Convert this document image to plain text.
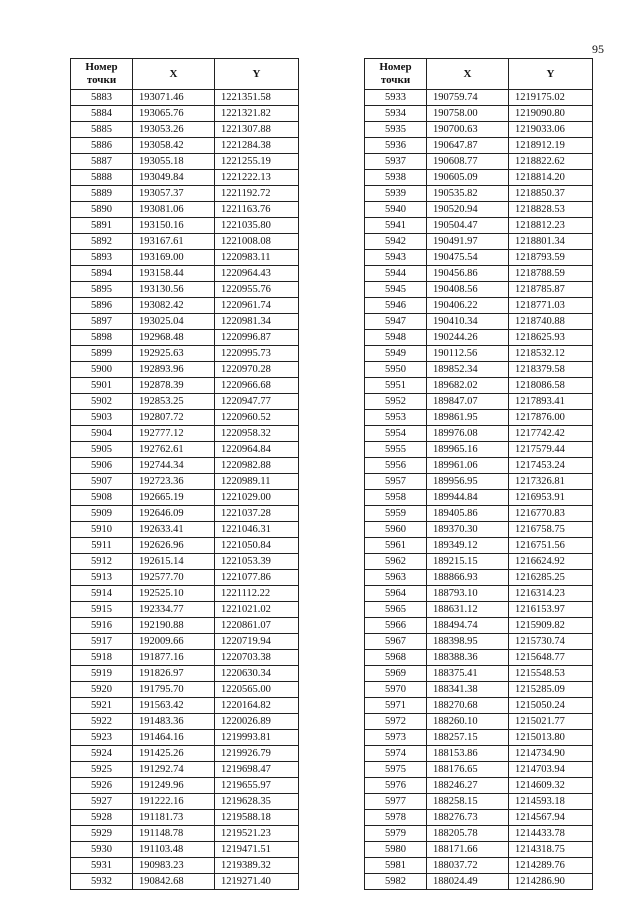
95
Номер
точки	X	Y
5883	193071.46	1221351.58
5884	193065.76	1221321.82
5885	193053.26	1221307.88
5886	193058.42	1221284.38
5887	193055.18	1221255.19
5888	193049.84	1221222.13
5889	193057.37	1221192.72
5890	193081.06	1221163.76
5891	193150.16	1221035.80
5892	193167.61	1221008.08
5893	193169.00	1220983.11
5894	193158.44	1220964.43
5895	193130.56	1220955.76
5896	193082.42	1220961.74
5897	193025.04	1220981.34
5898	192968.48	1220996.87
5899	192925.63	1220995.73
5900	192893.96	1220970.28
5901	192878.39	1220966.68
5902	192853.25	1220947.77
5903	192807.72	1220960.52
5904	192777.12	1220958.32
5905	192762.61	1220964.84
5906	192744.34	1220982.88
5907	192723.36	1220989.11
5908	192665.19	1221029.00
5909	192646.09	1221037.28
5910	192633.41	1221046.31
5911	192626.96	1221050.84
5912	192615.14	1221053.39
5913	192577.70	1221077.86
5914	192525.10	1221112.22
5915	192334.77	1221021.02
5916	192190.88	1220861.07
5917	192009.66	1220719.94
5918	191877.16	1220703.38
5919	191826.97	1220630.34
5920	191795.70	1220565.00
5921	191563.42	1220164.82
5922	191483.36	1220026.89
5923	191464.16	1219993.81
5924	191425.26	1219926.79
5925	191292.74	1219698.47
5926	191249.96	1219655.97
5927	191222.16	1219628.35
5928	191181.73	1219588.18
5929	191148.78	1219521.23
5930	191103.48	1219471.51
5931	190983.23	1219389.32
5932	190842.68	1219271.40
Номер
точки	X	Y
5933	190759.74	1219175.02
5934	190758.00	1219090.80
5935	190700.63	1219033.06
5936	190647.87	1218912.19
5937	190608.77	1218822.62
5938	190605.09	1218814.20
5939	190535.82	1218850.37
5940	190520.94	1218828.53
5941	190504.47	1218812.23
5942	190491.97	1218801.34
5943	190475.54	1218793.59
5944	190456.86	1218788.59
5945	190408.56	1218785.87
5946	190406.22	1218771.03
5947	190410.34	1218740.88
5948	190244.26	1218625.93
5949	190112.56	1218532.12
5950	189852.34	1218379.58
5951	189682.02	1218086.58
5952	189847.07	1217893.41
5953	189861.95	1217876.00
5954	189976.08	1217742.42
5955	189965.16	1217579.44
5956	189961.06	1217453.24
5957	189956.95	1217326.81
5958	189944.84	1216953.91
5959	189405.86	1216770.83
5960	189370.30	1216758.75
5961	189349.12	1216751.56
5962	189215.15	1216624.92
5963	188866.93	1216285.25
5964	188793.10	1216314.23
5965	188631.12	1216153.97
5966	188494.74	1215909.82
5967	188398.95	1215730.74
5968	188388.36	1215648.77
5969	188375.41	1215548.53
5970	188341.38	1215285.09
5971	188270.68	1215050.24
5972	188260.10	1215021.77
5973	188257.15	1215013.80
5974	188153.86	1214734.90
5975	188176.65	1214703.94
5976	188246.27	1214609.32
5977	188258.15	1214593.18
5978	188276.73	1214567.94
5979	188205.78	1214433.78
5980	188171.66	1214318.75
5981	188037.72	1214289.76
5982	188024.49	1214286.90
